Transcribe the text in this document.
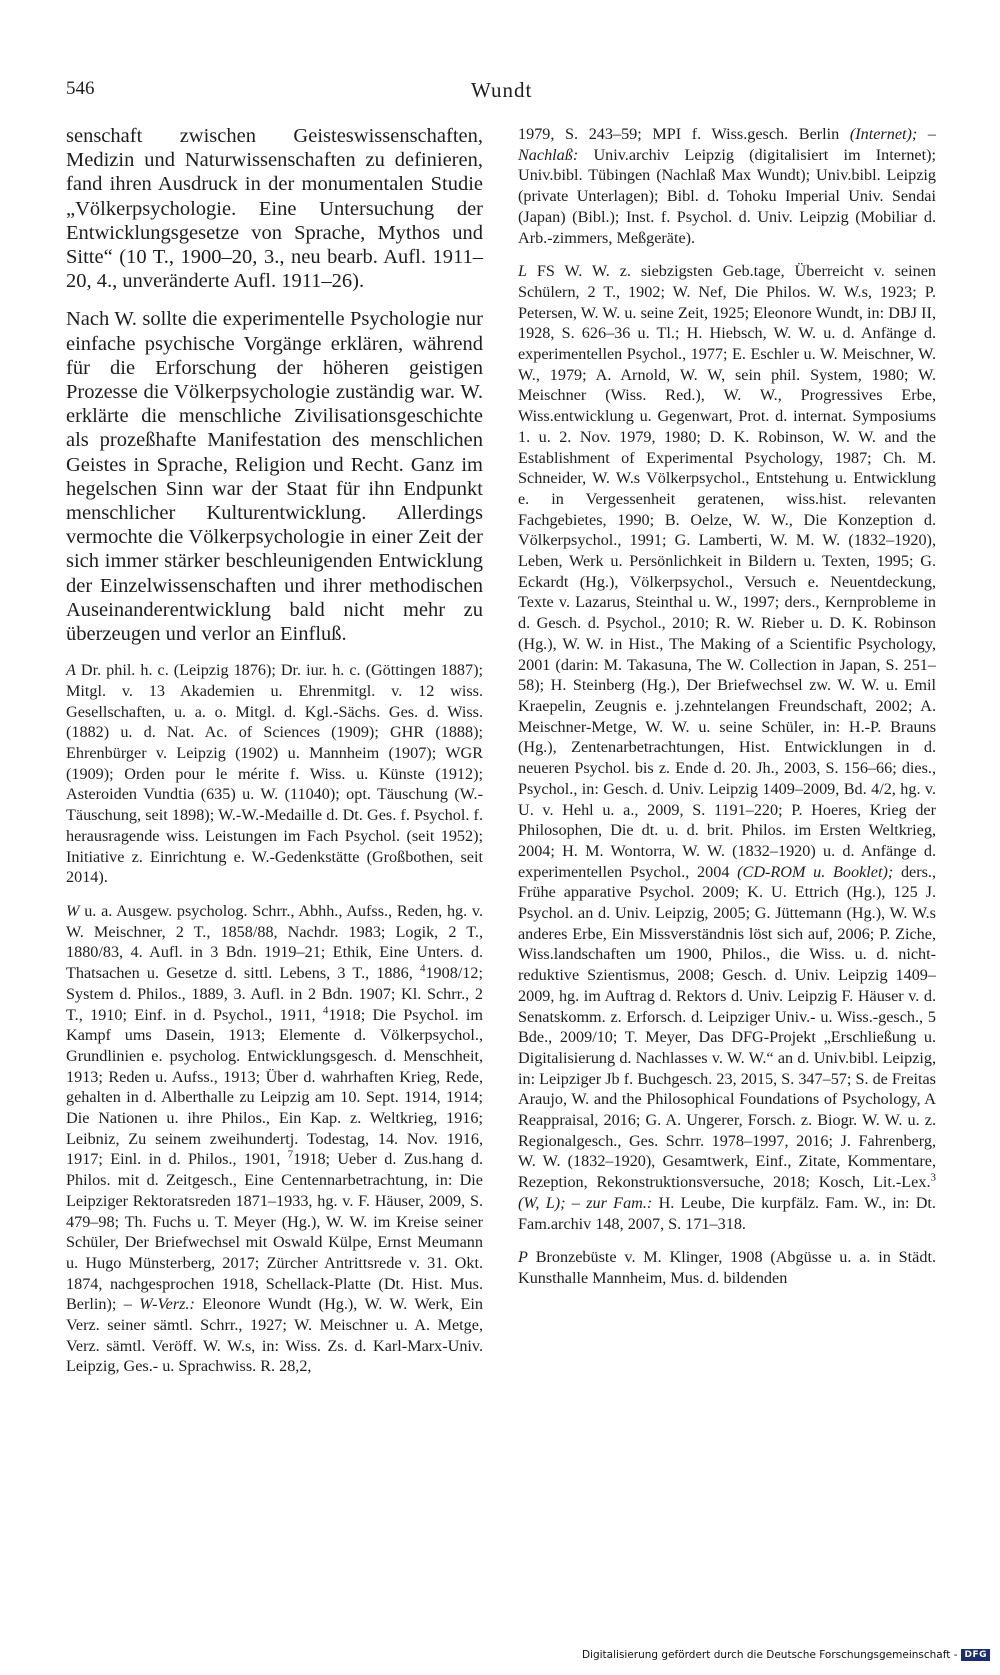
546	Wundt

senschaft zwischen Geisteswissenschaften, Medizin und Naturwissenschaften zu definieren, fand ihren Ausdruck in der monumentalen Studie „Völkerpsychologie. Eine Untersuchung der Entwicklungsgesetze von Sprache, Mythos und Sitte“ (10 T., 1900–20, 3., neu bearb. Aufl. 1911–20, 4., unveränderte Aufl. 1911–26).

Nach W. sollte die experimentelle Psychologie nur einfache psychische Vorgänge erklären, während für die Erforschung der höheren geistigen Prozesse die Völkerpsychologie zuständig war. W. erklärte die menschliche Zivilisationsgeschichte als prozeßhafte Manifestation des menschlichen Geistes in Sprache, Religion und Recht. Ganz im hegelschen Sinn war der Staat für ihn Endpunkt menschlicher Kulturentwicklung. Allerdings vermochte die Völkerpsychologie in einer Zeit der sich immer stärker beschleunigenden Entwicklung der Einzelwissenschaften und ihrer methodischen Auseinanderentwicklung bald nicht mehr zu überzeugen und verlor an Einfluß.

A Dr. phil. h. c. (Leipzig 1876); Dr. iur. h. c. (Göttingen 1887); Mitgl. v. 13 Akademien u. Ehrenmitgl. v. 12 wiss. Gesellschaften, u. a. o. Mitgl. d. Kgl.-Sächs. Ges. d. Wiss. (1882) u. d. Nat. Ac. of Sciences (1909); GHR (1888); Ehrenbürger v. Leipzig (1902) u. Mannheim (1907); WGR (1909); Orden pour le mérite f. Wiss. u. Künste (1912); Asteroiden Vundtia (635) u. W. (11040); opt. Täuschung (W.-Täuschung, seit 1898); W.-W.-Medaille d. Dt. Ges. f. Psychol. f. herausragende wiss. Leistungen im Fach Psychol. (seit 1952); Initiative z. Einrichtung e. W.-Gedenkstätte (Großbothen, seit 2014).

W u. a. Ausgew. psycholog. Schrr., Abhh., Aufss., Reden, hg. v. W. Meischner, 2 T., 1858/88, Nachdr. 1983; Logik, 2 T., 1880/83, 4. Aufl. in 3 Bdn. 1919–21; Ethik, Eine Unters. d. Thatsachen u. Gesetze d. sittl. Lebens, 3 T., 1886, $^4$1908/12; System d. Philos., 1889, 3. Aufl. in 2 Bdn. 1907; Kl. Schrr., 2 T., 1910; Einf. in d. Psychol., 1911, $^4$1918; Die Psychol. im Kampf ums Dasein, 1913; Elemente d. Völkerpsychol., Grundlinien e. psycholog. Entwicklungsgesch. d. Menschheit, 1913; Reden u. Aufss., 1913; Über d. wahrhaften Krieg, Rede, gehalten in d. Alberthalle zu Leipzig am 10. Sept. 1914, 1914; Die Nationen u. ihre Philos., Ein Kap. z. Weltkrieg, 1916; Leibniz, Zu seinem zweihundertj. Todestag, 14. Nov. 1916, 1917; Einl. in d. Philos., 1901, $^7$1918; Ueber d. Zus.hang d. Philos. mit d. Zeitgesch., Eine Centennarbetrachtung, in: Die Leipziger Rektoratsreden 1871–1933, hg. v. F. Häuser, 2009, S. 479–98; Th. Fuchs u. T. Meyer (Hg.), W. W. im Kreise seiner Schüler, Der Briefwechsel mit Oswald Külpe, Ernst Meumann u. Hugo Münsterberg, 2017; Zürcher Antrittsrede v. 31. Okt. 1874, nachgesprochen 1918, Schellack-Platte (Dt. Hist. Mus. Berlin); – W-Verz.: Eleonore Wundt (Hg.), W. W. Werk, Ein Verz. seiner sämtl. Schrr., 1927; W. Meischner u. A. Metge, Verz. sämtl. Veröff. W. W.s, in: Wiss. Zs. d. Karl-Marx-Univ. Leipzig, Ges.- u. Sprachwiss. R. 28,2,

1979, S. 243–59; MPI f. Wiss.gesch. Berlin (Internet); – Nachlaß: Univ.archiv Leipzig (digitalisiert im Internet); Univ.bibl. Tübingen (Nachlaß Max Wundt); Univ.bibl. Leipzig (private Unterlagen); Bibl. d. Tohoku Imperial Univ. Sendai (Japan) (Bibl.); Inst. f. Psychol. d. Univ. Leipzig (Mobiliar d. Arb.-zimmers, Meßgeräte).

L FS W. W. z. siebzigsten Geb.tage, Überreicht v. seinen Schülern, 2 T., 1902; W. Nef, Die Philos. W. W.s, 1923; P. Petersen, W. W. u. seine Zeit, 1925; Eleonore Wundt, in: DBJ II, 1928, S. 626–36 u. Tl.; H. Hiebsch, W. W. u. d. Anfänge d. experimentellen Psychol., 1977; E. Eschler u. W. Meischner, W. W., 1979; A. Arnold, W. W, sein phil. System, 1980; W. Meischner (Wiss. Red.), W. W., Progressives Erbe, Wiss.entwicklung u. Gegenwart, Prot. d. internat. Symposiums 1. u. 2. Nov. 1979, 1980; D. K. Robinson, W. W. and the Establishment of Experimental Psychology, 1987; Ch. M. Schneider, W. W.s Völkerpsychol., Entstehung u. Entwicklung e. in Vergessenheit geratenen, wiss.hist. relevanten Fachgebietes, 1990; B. Oelze, W. W., Die Konzeption d. Völkerpsychol., 1991; G. Lamberti, W. M. W. (1832–1920), Leben, Werk u. Persönlichkeit in Bildern u. Texten, 1995; G. Eckardt (Hg.), Völkerpsychol., Versuch e. Neuentdeckung, Texte v. Lazarus, Steinthal u. W., 1997; ders., Kernprobleme in d. Gesch. d. Psychol., 2010; R. W. Rieber u. D. K. Robinson (Hg.), W. W. in Hist., The Making of a Scientific Psychology, 2001 (darin: M. Takasuna, The W. Collection in Japan, S. 251–58); H. Steinberg (Hg.), Der Briefwechsel zw. W. W. u. Emil Kraepelin, Zeugnis e. j.zehntelangen Freundschaft, 2002; A. Meischner-Metge, W. W. u. seine Schüler, in: H.-P. Brauns (Hg.), Zentenarbetrachtungen, Hist. Entwicklungen in d. neueren Psychol. bis z. Ende d. 20. Jh., 2003, S. 156–66; dies., Psychol., in: Gesch. d. Univ. Leipzig 1409–2009, Bd. 4/2, hg. v. U. v. Hehl u. a., 2009, S. 1191–220; P. Hoeres, Krieg der Philosophen, Die dt. u. d. brit. Philos. im Ersten Weltkrieg, 2004; H. M. Wontorra, W. W. (1832–1920) u. d. Anfänge d. experimentellen Psychol., 2004 (CD-ROM u. Booklet); ders., Frühe apparative Psychol. 2009; K. U. Ettrich (Hg.), 125 J. Psychol. an d. Univ. Leipzig, 2005; G. Jüttemann (Hg.), W. W.s anderes Erbe, Ein Missverständnis löst sich auf, 2006; P. Ziche, Wiss.landschaften um 1900, Philos., die Wiss. u. d. nicht-reduktive Szientismus, 2008; Gesch. d. Univ. Leipzig 1409–2009, hg. im Auftrag d. Rektors d. Univ. Leipzig F. Häuser v. d. Senatskomm. z. Erforsch. d. Leipziger Univ.- u. Wiss.-gesch., 5 Bde., 2009/10; T. Meyer, Das DFG-Projekt „Erschließung u. Digitalisierung d. Nachlasses v. W. W.“ an d. Univ.bibl. Leipzig, in: Leipziger Jb f. Buchgesch. 23, 2015, S. 347–57; S. de Freitas Araujo, W. and the Philosophical Foundations of Psychology, A Reappraisal, 2016; G. A. Ungerer, Forsch. z. Biogr. W. W. u. z. Regionalgesch., Ges. Schrr. 1978–1997, 2016; J. Fahrenberg, W. W. (1832–1920), Gesamtwerk, Einf., Zitate, Kommentare, Rezeption, Rekonstruktionsversuche, 2018; Kosch, Lit.-Lex.$^3$ (W, L); – zur Fam.: H. Leube, Die kurpfälz. Fam. W., in: Dt. Fam.archiv 148, 2007, S. 171–318.

P Bronzebüste v. M. Klinger, 1908 (Abgüsse u. a. in Städt. Kunsthalle Mannheim, Mus. d. bildenden

Digitalisierung gefördert durch die Deutsche Forschungsgemeinschaft - DFG
